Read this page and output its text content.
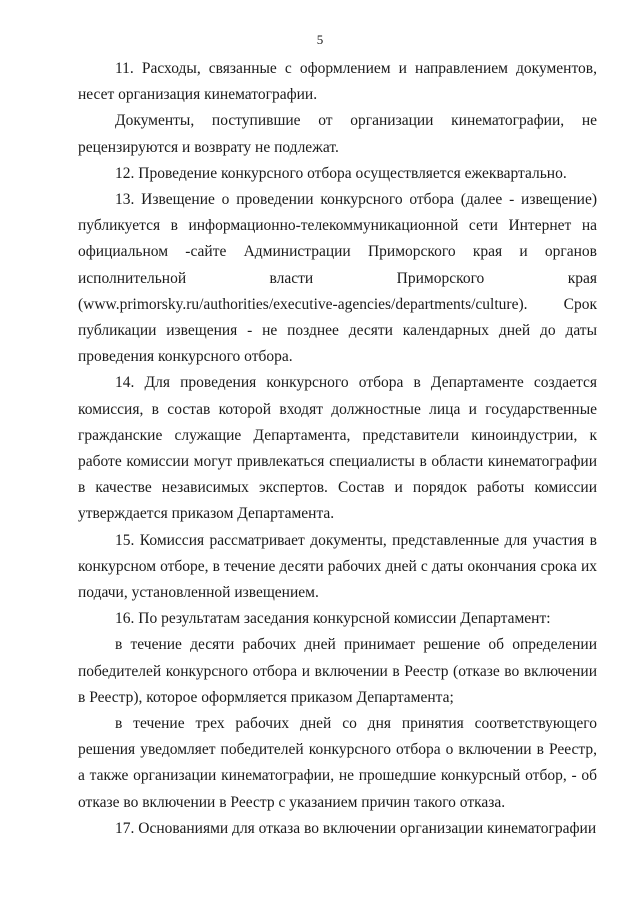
5

11. Расходы, связанные с оформлением и направлением документов, несет организация кинематографии.

Документы, поступившие от организации кинематографии, не рецензируются и возврату не подлежат.

12. Проведение конкурсного отбора осуществляется ежеквартально.

13. Извещение о проведении конкурсного отбора (далее - извещение) публикуется в информационно-телекоммуникационной сети Интернет на официальном -сайте Администрации Приморского края и органов исполнительной власти Приморского края (www.primorsky.ru/authorities/executive-agencies/departments/culture). Срок публикации извещения - не позднее десяти календарных дней до даты проведения конкурсного отбора.

14. Для проведения конкурсного отбора в Департаменте создается комиссия, в состав которой входят должностные лица и государственные гражданские служащие Департамента, представители киноиндустрии, к работе комиссии могут привлекаться специалисты в области кинематографии в качестве независимых экспертов. Состав и порядок работы комиссии утверждается приказом Департамента.

15. Комиссия рассматривает документы, представленные для участия в конкурсном отборе, в течение десяти рабочих дней с даты окончания срока их подачи, установленной извещением.

16. По результатам заседания конкурсной комиссии Департамент:

в течение десяти рабочих дней принимает решение об определении победителей конкурсного отбора и включении в Реестр (отказе во включении в Реестр), которое оформляется приказом Департамента;

в течение трех рабочих дней со дня принятия соответствующего решения уведомляет победителей конкурсного отбора о включении в Реестр, а также организации кинематографии, не прошедшие конкурсный отбор, - об отказе во включении в Реестр с указанием причин такого отказа.

17. Основаниями для отказа во включении организации кинематографии
